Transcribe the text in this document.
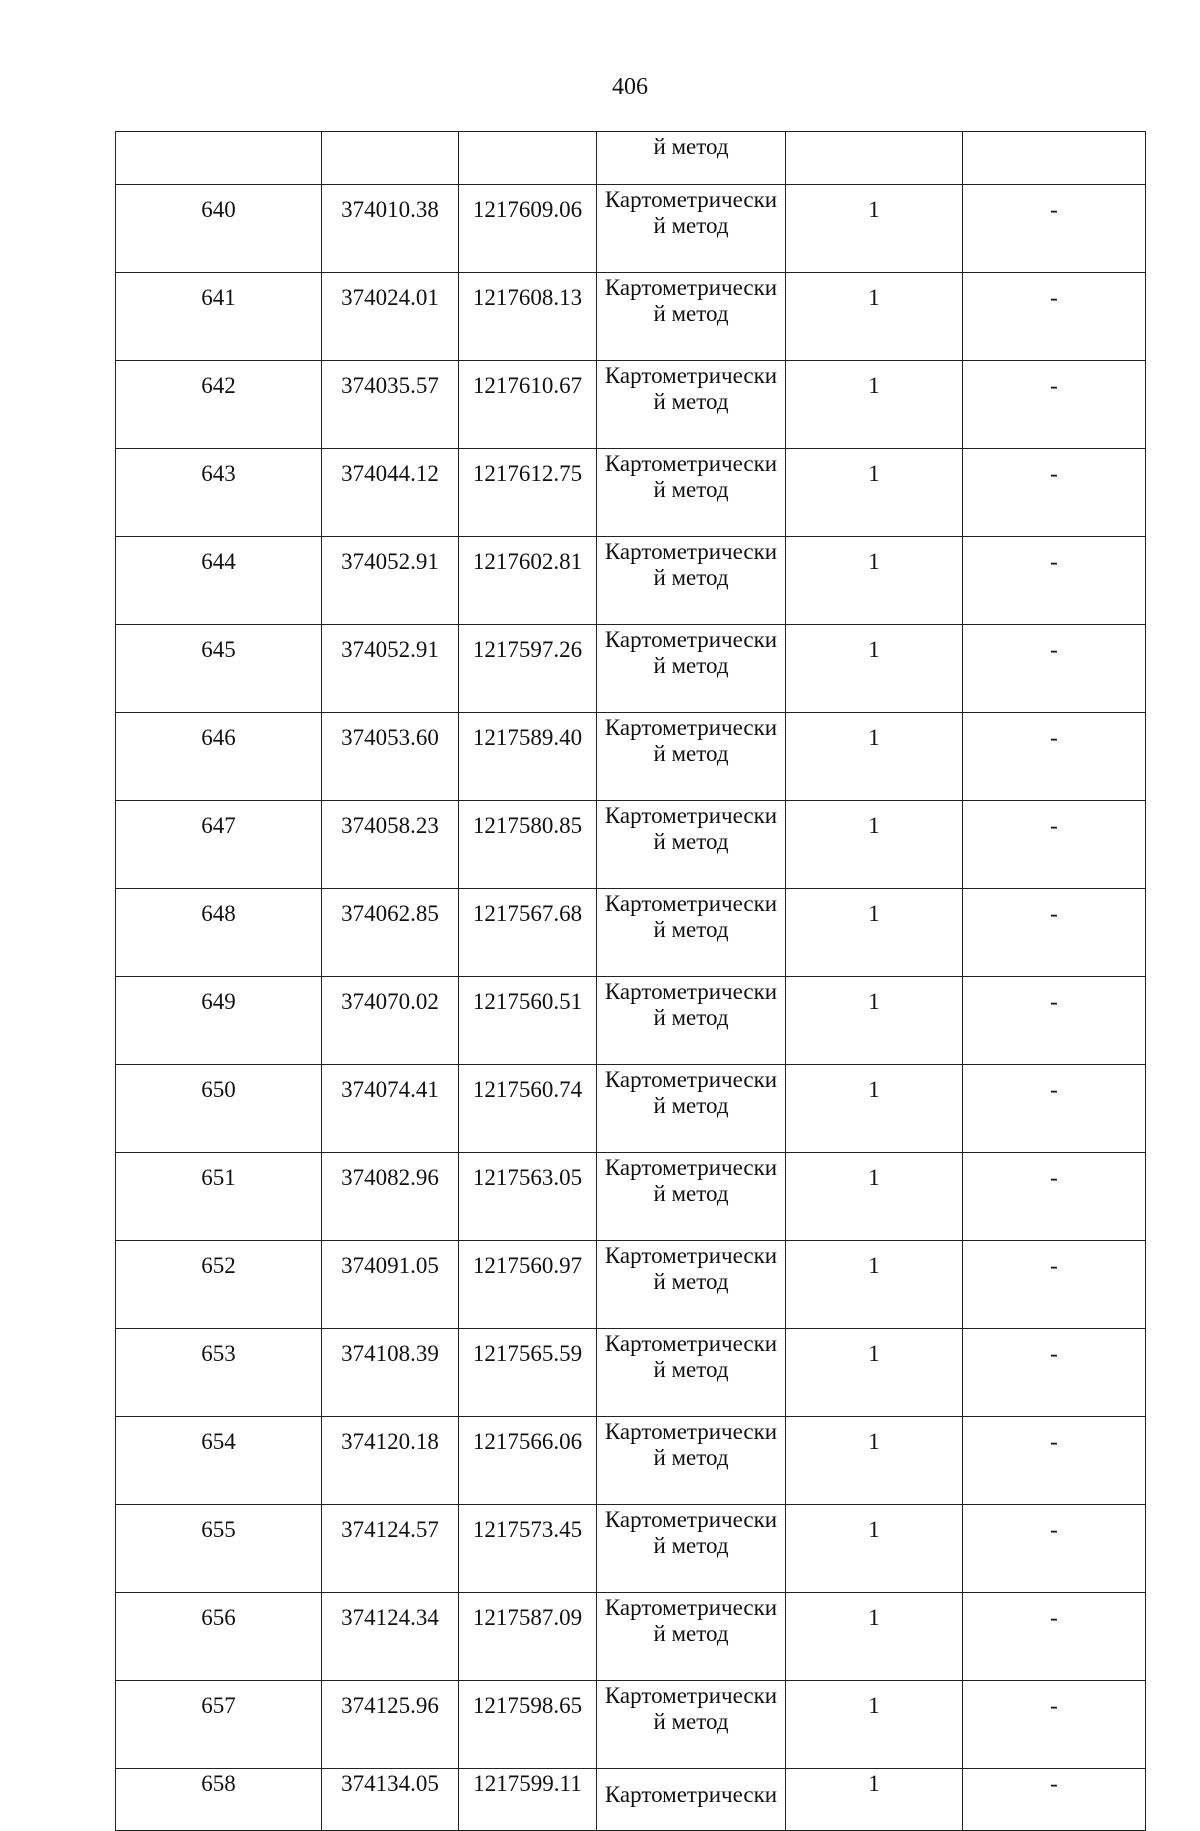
406
			й метод		
640	374010.38	1217609.06	Картометрически
й метод	1	-
641	374024.01	1217608.13	Картометрически
й метод	1	-
642	374035.57	1217610.67	Картометрически
й метод	1	-
643	374044.12	1217612.75	Картометрически
й метод	1	-
644	374052.91	1217602.81	Картометрически
й метод	1	-
645	374052.91	1217597.26	Картометрически
й метод	1	-
646	374053.60	1217589.40	Картометрически
й метод	1	-
647	374058.23	1217580.85	Картометрически
й метод	1	-
648	374062.85	1217567.68	Картометрически
й метод	1	-
649	374070.02	1217560.51	Картометрически
й метод	1	-
650	374074.41	1217560.74	Картометрически
й метод	1	-
651	374082.96	1217563.05	Картометрически
й метод	1	-
652	374091.05	1217560.97	Картометрически
й метод	1	-
653	374108.39	1217565.59	Картометрически
й метод	1	-
654	374120.18	1217566.06	Картометрически
й метод	1	-
655	374124.57	1217573.45	Картометрически
й метод	1	-
656	374124.34	1217587.09	Картометрически
й метод	1	-
657	374125.96	1217598.65	Картометрически
й метод	1	-
658	374134.05	1217599.11	Картометрически	1	-
